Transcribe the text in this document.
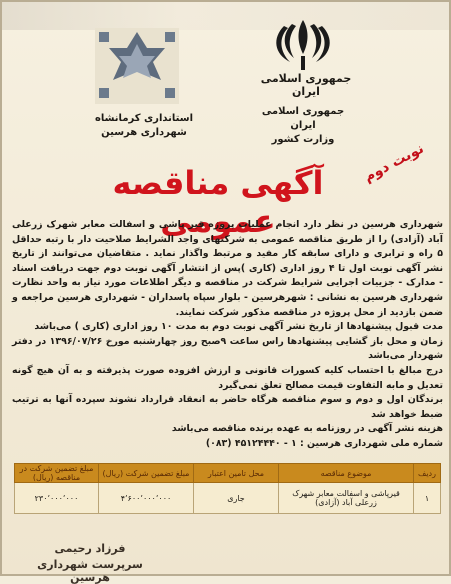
جمهوری اسلامی ایران
جمهوری اسلامی ایران
وزارت کشور
استانداری کرمانشاه
شهرداری هرسین
نوبت دوم
آگهی مناقصه عمومی

شهرداری هرسین در نظر دارد انجام عملیات پروژه قیر پاشی و اسفالت معابر شهرک زرعلی آباد (آزادی) را از طریق مناقصه عمومی به شرکتهای واجد الشرایط صلاحیت دار با رتبه حداقل ۵ راه و ترابری و دارای سابقه کار مفید و مرتبط واگذار نماید . متقاضیان می‌توانند از تاریخ نشر آگهی نوبت اول تا ۴ روز اداری (کاری )پس از انتشار آگهی نوبت دوم جهت دریافت اسناد - مدارک - جزییات اجرایی شرایط شرکت در مناقصه و دیگر اطلاعات مورد نیاز به واحد نظارت شهرداری هرسین به نشانی : شهرهرسین - بلوار سپاه پاسداران - شهرداری هرسین مراجعه و ضمن بازدید از محل پروژه در مناقصه مذکور شرکت نمایند.

مدت قبول پیشنهادها از تاریخ نشر آگهی نوبت دوم به مدت ۱۰ روز اداری (کاری ) می‌باشد

زمان و محل باز گشایی پیشنهادها راس ساعت ۹صبح روز چهارشنبه مورخ ۱۳۹۶/۰۷/۲۶ در دفتر شهردار می‌باشد

درج مبالغ با احتساب کلیه کسورات قانونی و ارزش افزوده صورت پذیرفته و به آن هیچ گونه تعدیل و مابه التفاوت قیمت مصالح تعلق نمی‌گیرد

برندگان اول و دوم و سوم مناقصه هرگاه حاضر به انعقاد قرارداد نشوند سپرده آنها به ترتیب ضبط خواهد شد

هزینه نشر آگهی در روزنامه به عهده برنده مناقصه می‌باشد

شماره ملی شهرداری هرسین : ۱ - ۴۵۱۲۴۴۴۰ (۰۸۳)
ردیف	موضوع مناقصه	محل تامین اعتبار	مبلغ تضمین شرکت (ریال)	مبلغ تضمین شرکت در مناقصه (ریال)
۱	قیرپاشی و اسفالت معابر شهرک زرعلی آباد (آزادی)	جاری	۴٬۶۰۰٬۰۰۰٬۰۰۰	۲۳۰٬۰۰۰٬۰۰۰
فرزاد رحیمی
سرپرست شهرداری هرسین
